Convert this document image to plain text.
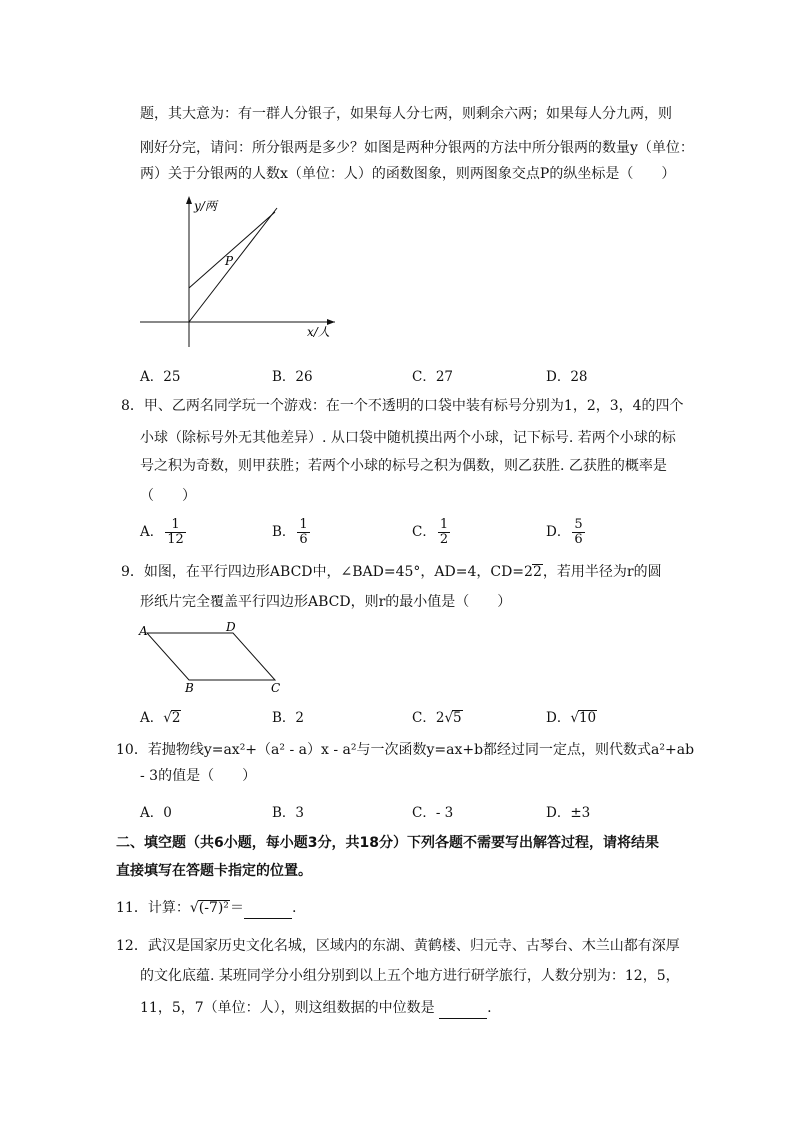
题，其大意为：有一群人分银子，如果每人分七两，则剩余六两；如果每人分九两，则
刚好分完，请问：所分银两是多少？如图是两种分银两的方法中所分银两的数量y（单位：
两）关于分银两的人数x（单位：人）的函数图象，则两图象交点P的纵坐标是（　　）
y/两
x/人
P
A．25	B．26	C．27	D．28
8．甲、乙两名同学玩一个游戏：在一个不透明的口袋中装有标号分别为1，2，3，4的四个
小球（除标号外无其他差异）. 从口袋中随机摸出两个小球，记下标号. 若两个小球的标
号之积为奇数，则甲获胜；若两个小球的标号之积为偶数，则乙获胜. 乙获胜的概率是
（　　）
A． $\frac{1}{12}$	B． $\frac{1}{6}$	C． $\frac{1}{2}$	D． $\frac{5}{6}$
9．如图，在平行四边形ABCD中，∠BAD=45°，AD=4，CD=22，若用半径为r的圆
形纸片完全覆盖平行四边形ABCD，则r的最小值是（　　）
A	D
B	C
A．√2	B．2	C．2√5	D．√10
10．若抛物线y=ax²+（a² - a）x - a²与一次函数y=ax+b都经过同一定点，则代数式a²+ab
- 3的值是（　　）
A．0	B．3	C．- 3	D．±3
二、填空题（共6小题，每小题3分，共18分）下列各题不需要写出解答过程，请将结果
直接填写在答题卡指定的位置。
11．计算：√(-7)²＝	.
12．武汉是国家历史文化名城，区域内的东湖、黄鹤楼、归元寺、古琴台、木兰山都有深厚
的文化底蕴. 某班同学分小组分别到以上五个地方进行研学旅行，人数分别为：12，5，
11，5，7（单位：人），则这组数据的中位数是	.
